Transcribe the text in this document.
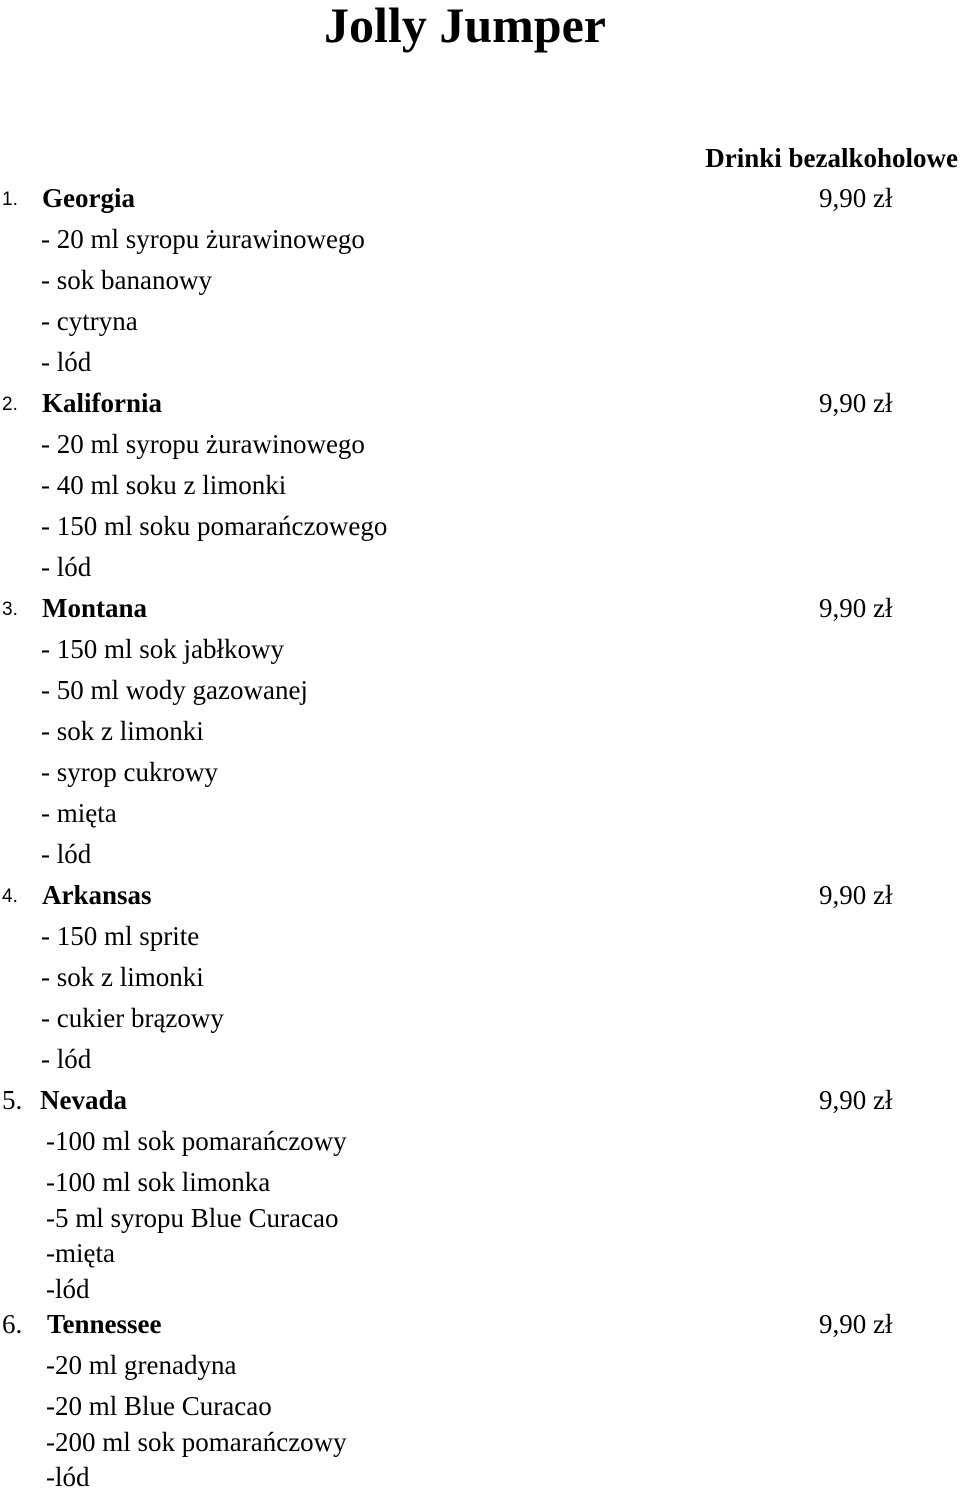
Jolly Jumper
Drinki bezalkoholowe
1. Georgia	9,90 zł
- 20 ml syropu żurawinowego
- sok bananowy
- cytryna
- lód
2. Kalifornia	9,90 zł
- 20 ml syropu żurawinowego
- 40 ml soku z limonki
- 150 ml soku pomarańczowego
- lód
3. Montana	9,90 zł
- 150 ml sok jabłkowy
- 50 ml wody gazowanej
- sok z limonki
- syrop cukrowy
- mięta
- lód
4. Arkansas	9,90 zł
- 150 ml sprite
- sok z limonki
- cukier brązowy
- lód
5. Nevada	9,90 zł
-100 ml sok pomarańczowy
-100 ml sok limonka
-5 ml syropu Blue Curacao
-mięta
-lód
6. Tennessee	9,90 zł
-20 ml grenadyna
-20 ml Blue Curacao
-200 ml sok pomarańczowy
-lód
